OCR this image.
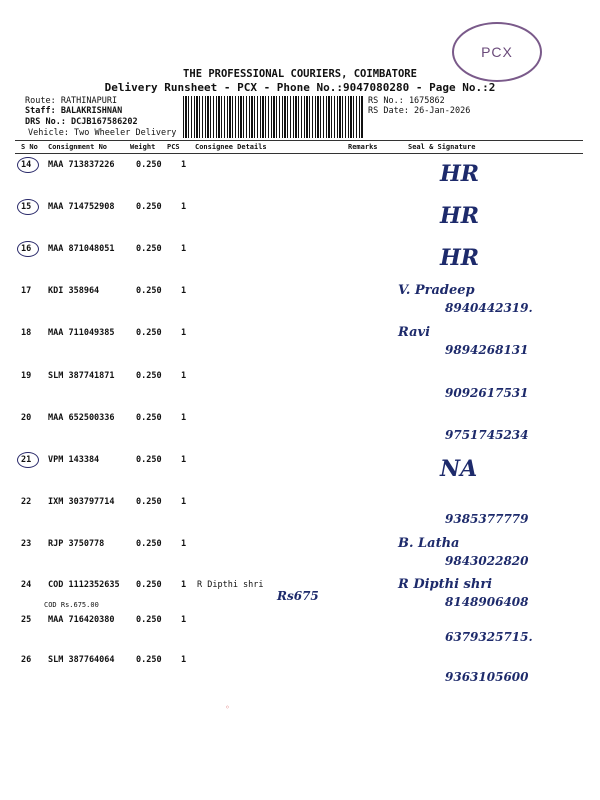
PCX
THE PROFESSIONAL COURIERS, COIMBATORE
Delivery Runsheet - PCX - Phone No.:9047080280 - Page No.:2
Route: RATHINAPURI
Staff: BALAKRISHNAN
DRS No.: DCJB167586202
Vehicle: Two Wheeler Delivery
RS No.: 1675862
RS Date: 26-Jan-2026
S No Consignment No	Weight PCS Consignee Details	Remarks	Seal & Signature
14 MAA 713837226	0.250 1	HR
15 MAA 714752908	0.250 1	HR
16 MAA 871048051	0.250 1	HR
17 KDI 358964	0.250 1	V. Pradeep
8940442319.
18 MAA 711049385	0.250 1	Ravi
9894268131
19 SLM 387741871	0.250 1
9092617531
20 MAA 652500336	0.250 1
9751745234
21 VPM 143384	0.250 1	NA
22 IXM 303797714	0.250 1
9385377779
23 RJP 3750778	0.250 1	B. Latha
9843022820
24 COD 1112352635 0.250 1 R Dipthi shri
COD Rs.675.00
Rs675
R Dipthi shri
8148906408
25 MAA 716420380	0.250 1
6379325715.
26 SLM 387764064	0.250 1
9363105600
◦
